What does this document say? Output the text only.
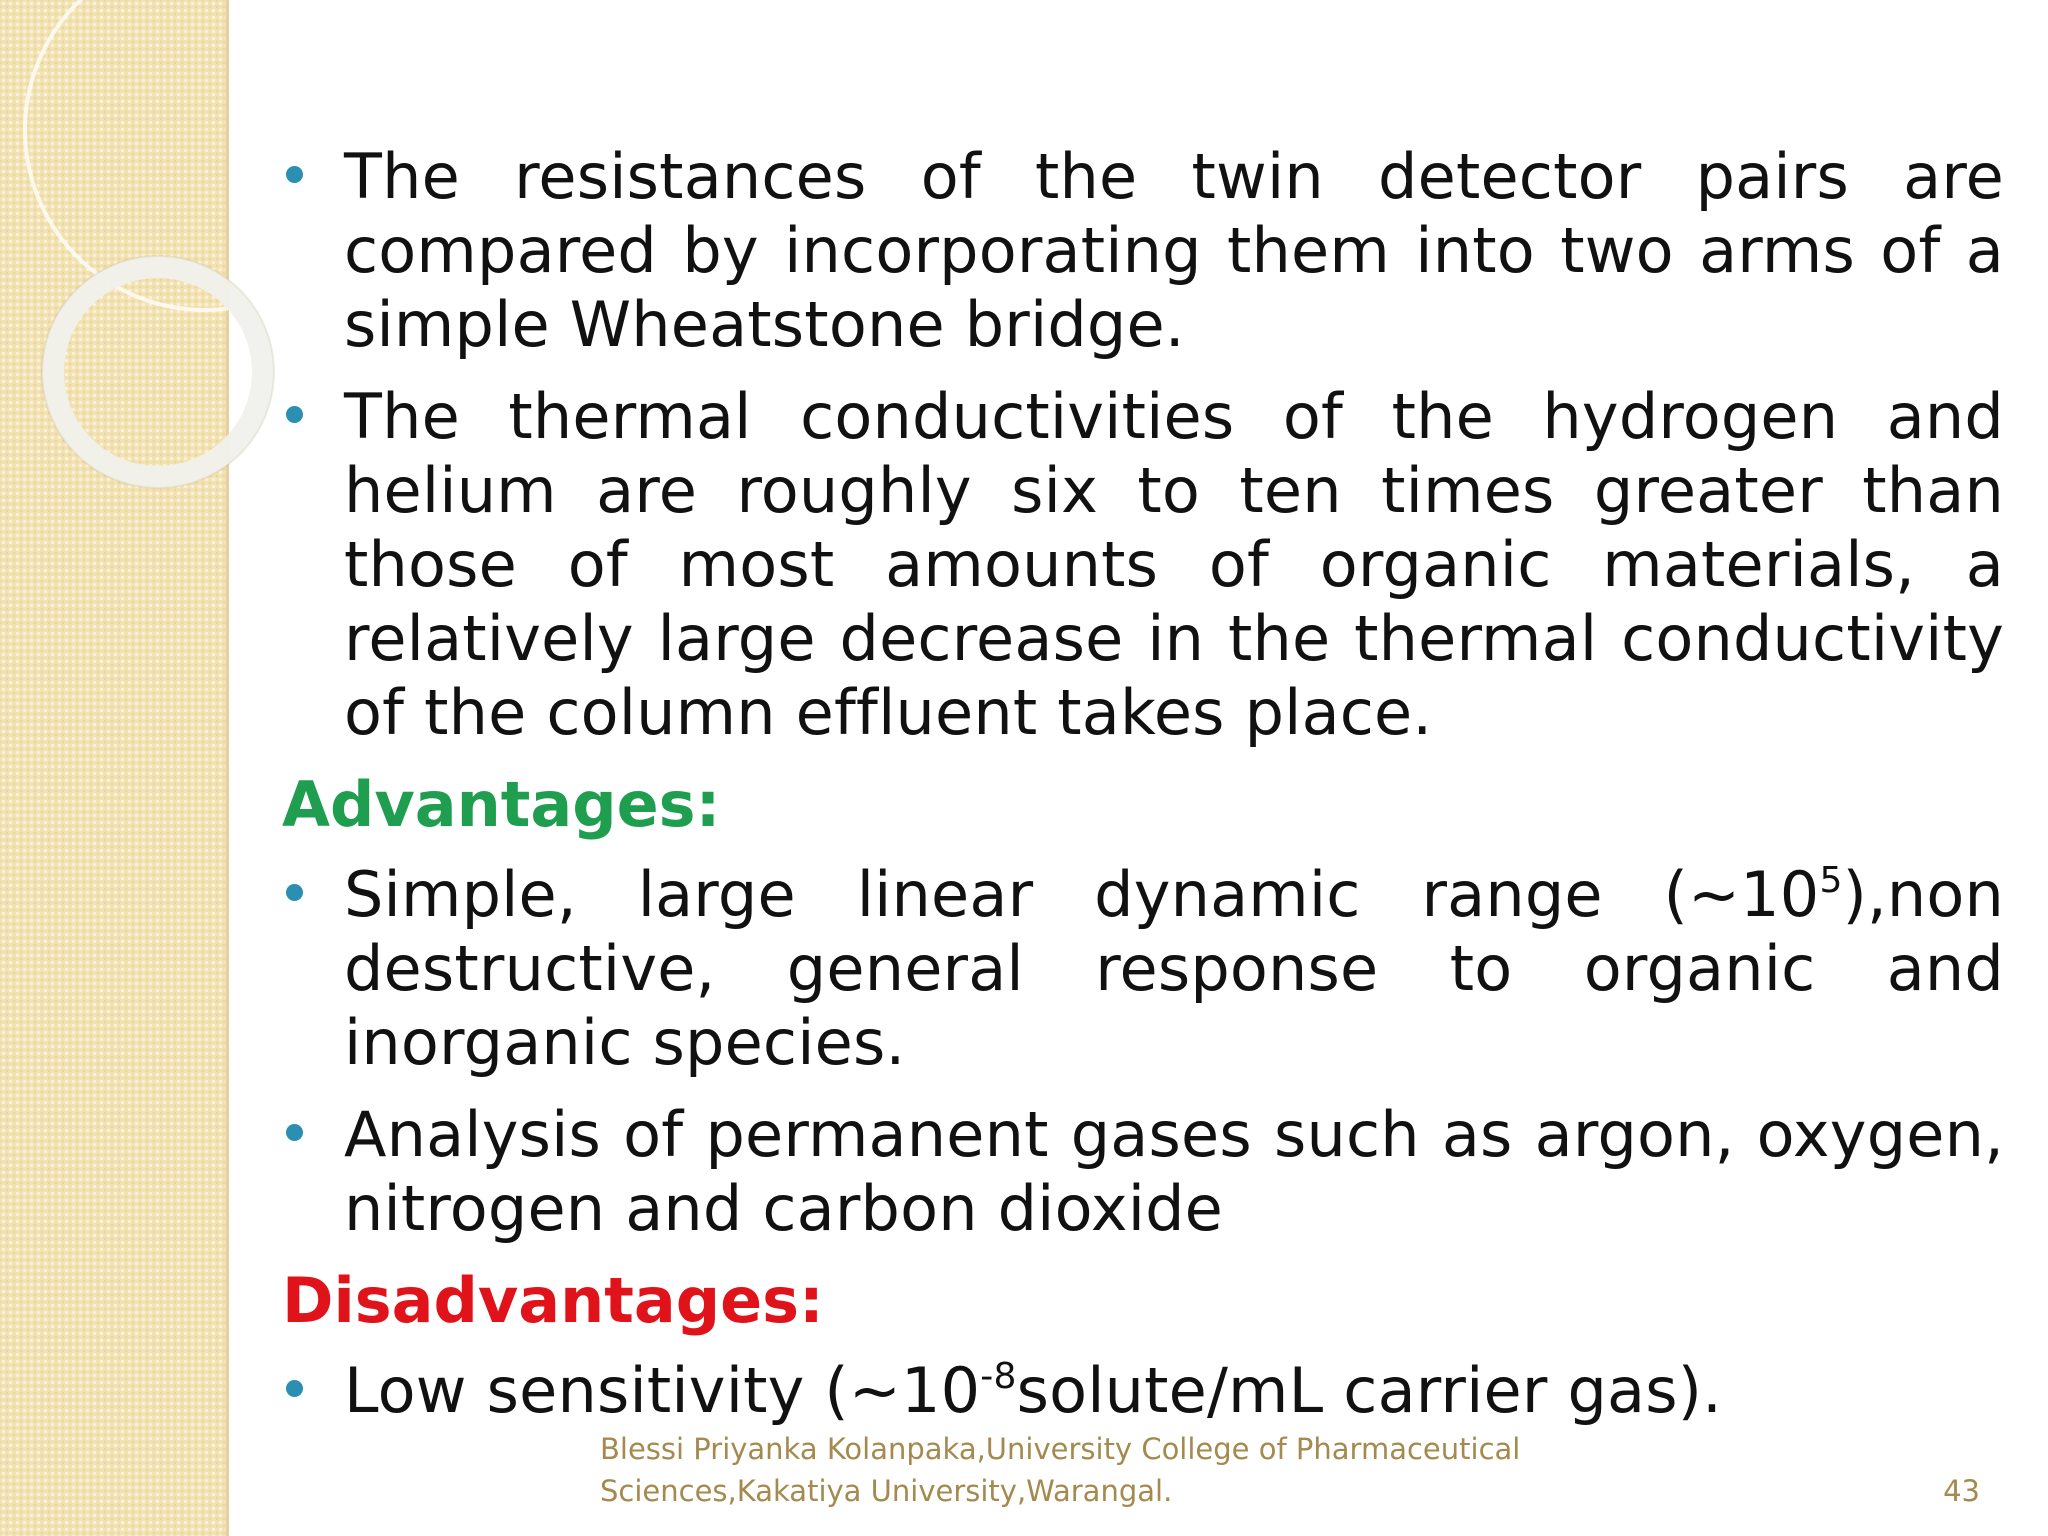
The resistances of the twin detector pairs are compared by incorporating them into two arms of a simple Wheatstone bridge.
The thermal conductivities of the hydrogen and helium are roughly six to ten times greater than those of most amounts of organic materials, a relatively large decrease in the thermal conductivity of the column effluent takes place.
Advantages:
Simple, large linear dynamic range $(\sim 10^5),non$ destructive, general response to organic and inorganic species.
Analysis of permanent gases such as argon, oxygen, nitrogen and carbon dioxide
Disadvantages:
Low sensitivity ($\sim 10^{-8}solute/mL$ carrier gas).
Blessi Priyanka Kolanpaka,University College of Pharmaceutical Sciences,Kakatiya University,Warangal.	43
